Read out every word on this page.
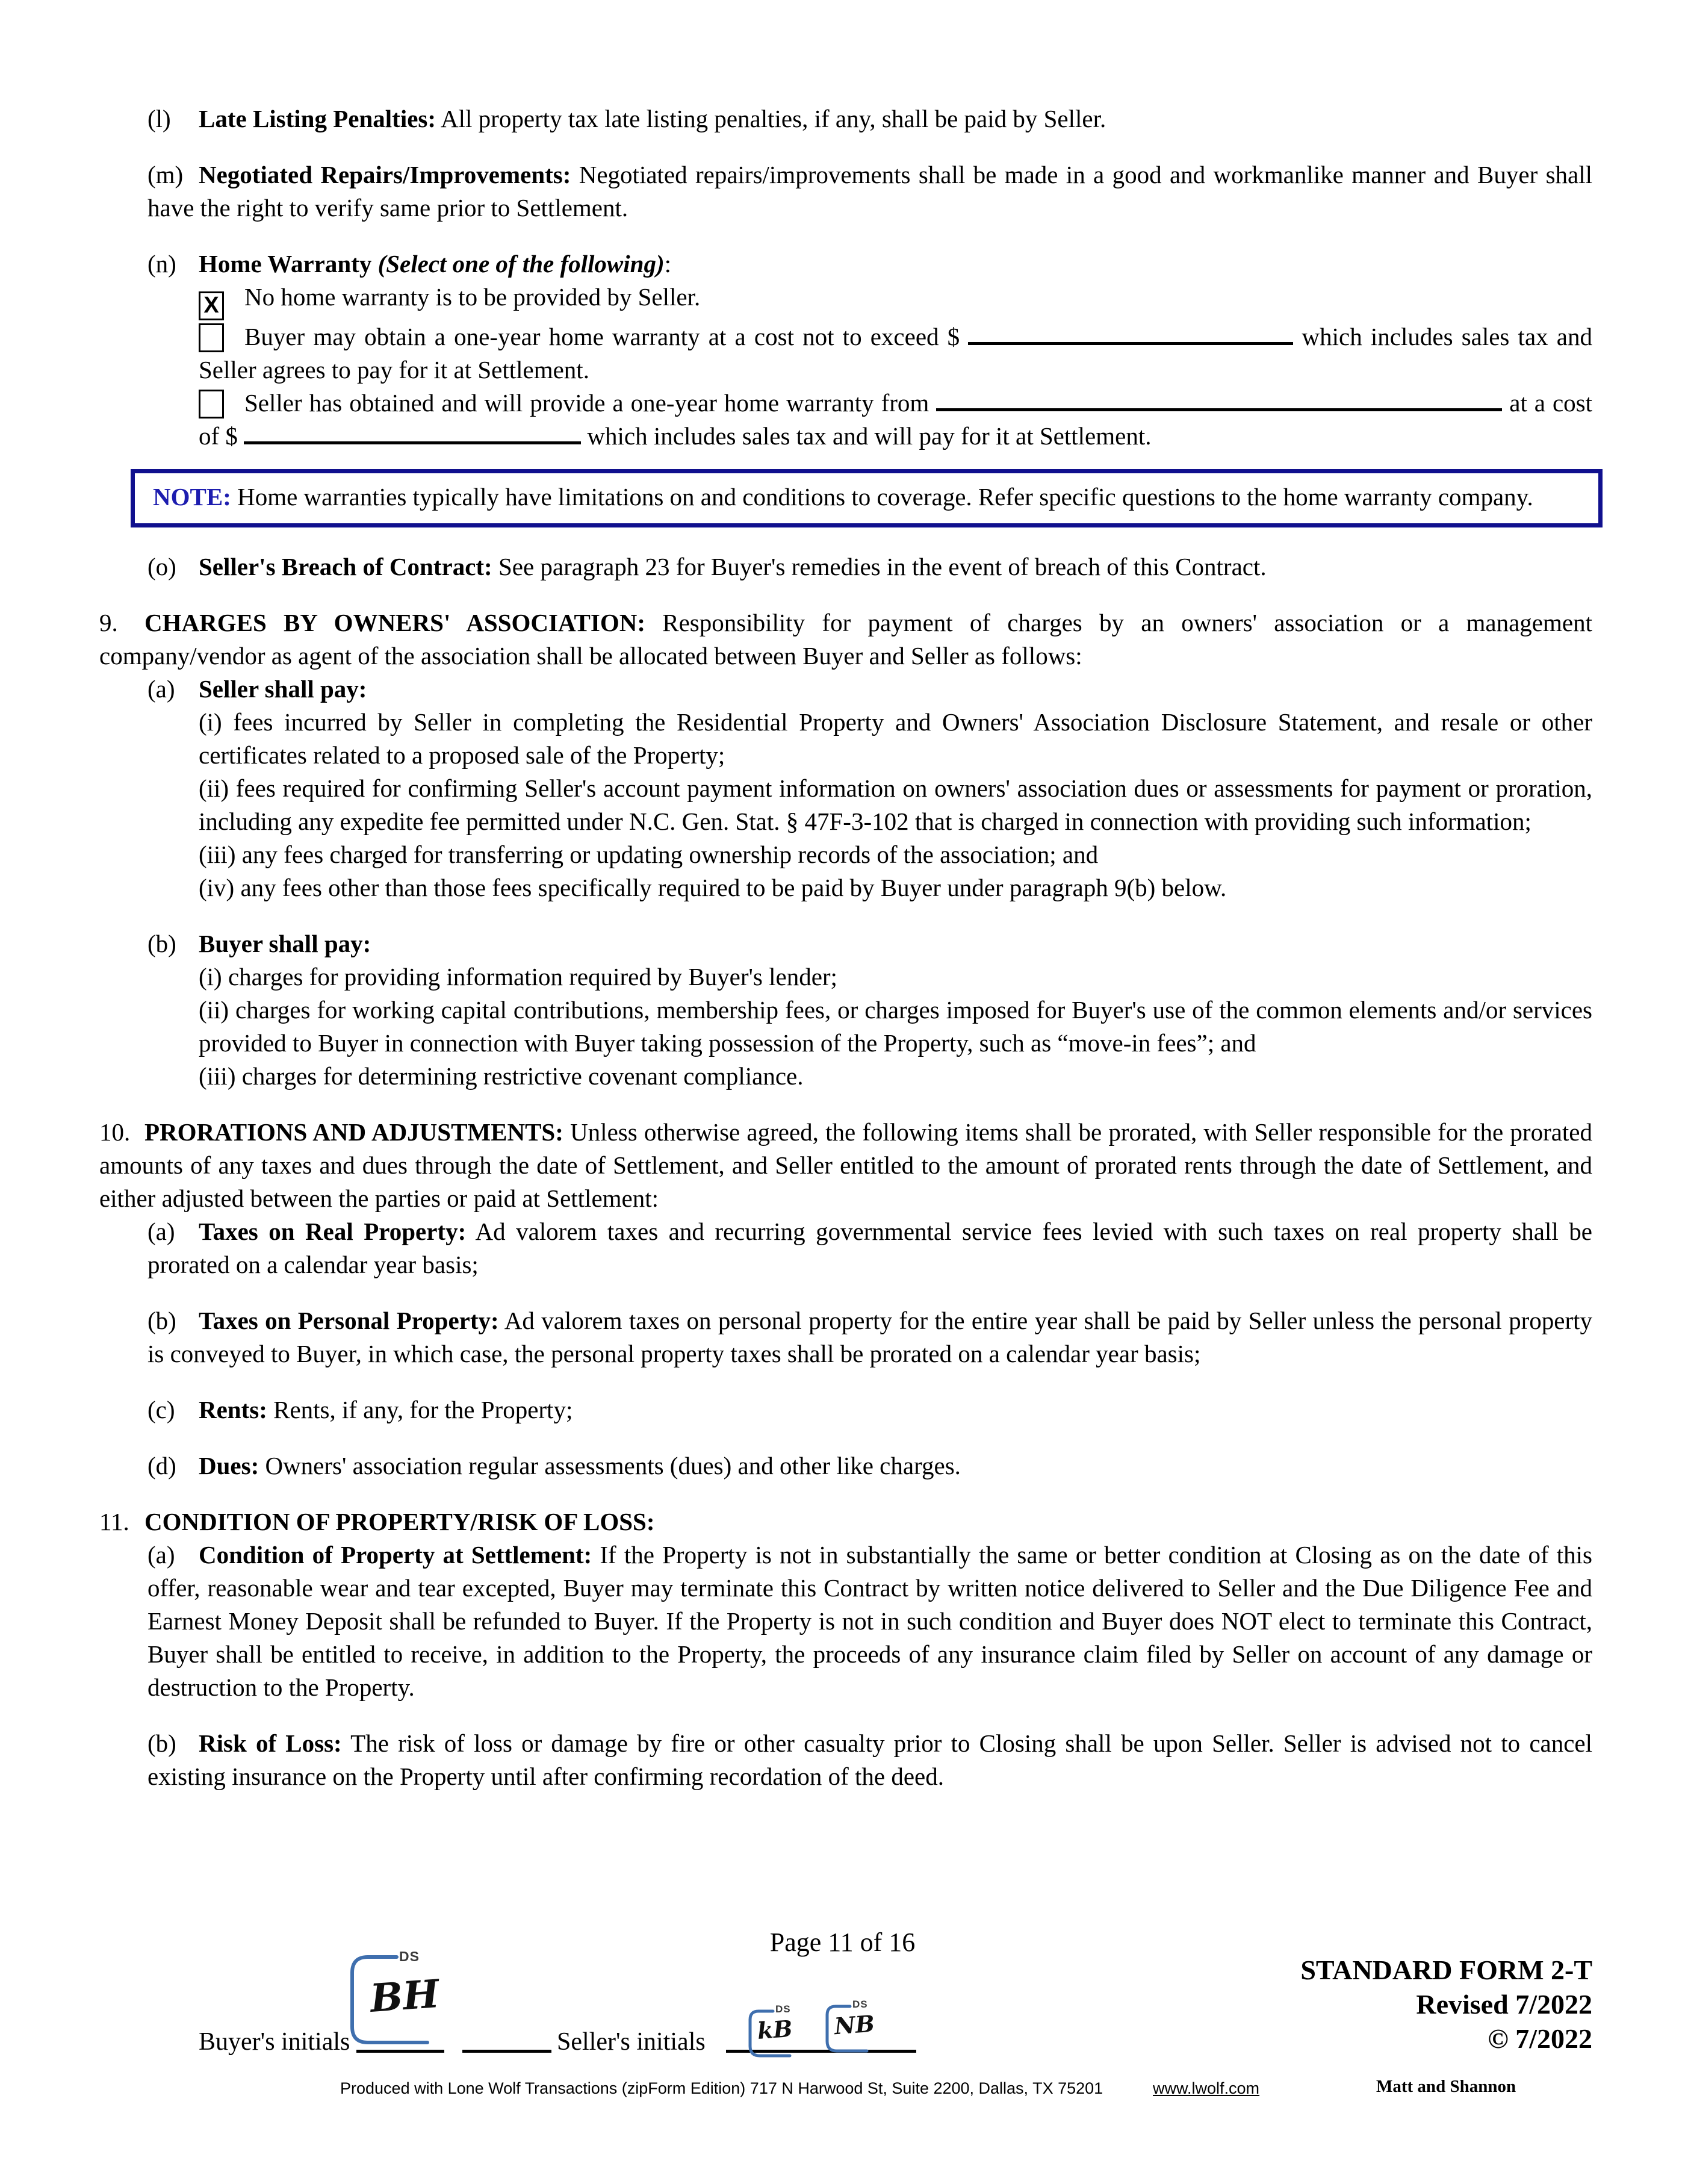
(l) Late Listing Penalties: All property tax late listing penalties, if any, shall be paid by Seller.
(m) Negotiated Repairs/Improvements: Negotiated repairs/improvements shall be made in a good and workmanlike manner and Buyer shall have the right to verify same prior to Settlement.
(n) Home Warranty (Select one of the following):
X No home warranty is to be provided by Seller.
Buyer may obtain a one-year home warranty at a cost not to exceed $	which includes sales tax and Seller agrees to pay for it at Settlement.
Seller has obtained and will provide a one-year home warranty from	at a cost of $	which includes sales tax and will pay for it at Settlement.
NOTE: Home warranties typically have limitations on and conditions to coverage. Refer specific questions to the home warranty company.
(o) Seller's Breach of Contract: See paragraph 23 for Buyer's remedies in the event of breach of this Contract.
9. CHARGES BY OWNERS' ASSOCIATION: Responsibility for payment of charges by an owners' association or a management company/vendor as agent of the association shall be allocated between Buyer and Seller as follows:
(a) Seller shall pay:
(i) fees incurred by Seller in completing the Residential Property and Owners' Association Disclosure Statement, and resale or other certificates related to a proposed sale of the Property;
(ii) fees required for confirming Seller's account payment information on owners' association dues or assessments for payment or proration, including any expedite fee permitted under N.C. Gen. Stat. § 47F-3-102 that is charged in connection with providing such information;
(iii) any fees charged for transferring or updating ownership records of the association; and
(iv) any fees other than those fees specifically required to be paid by Buyer under paragraph 9(b) below.
(b) Buyer shall pay:
(i) charges for providing information required by Buyer's lender;
(ii) charges for working capital contributions, membership fees, or charges imposed for Buyer's use of the common elements and/or services provided to Buyer in connection with Buyer taking possession of the Property, such as “move-in fees”; and
(iii) charges for determining restrictive covenant compliance.
10. PRORATIONS AND ADJUSTMENTS: Unless otherwise agreed, the following items shall be prorated, with Seller responsible for the prorated amounts of any taxes and dues through the date of Settlement, and Seller entitled to the amount of prorated rents through the date of Settlement, and either adjusted between the parties or paid at Settlement:
(a) Taxes on Real Property: Ad valorem taxes and recurring governmental service fees levied with such taxes on real property shall be prorated on a calendar year basis;
(b) Taxes on Personal Property: Ad valorem taxes on personal property for the entire year shall be paid by Seller unless the personal property is conveyed to Buyer, in which case, the personal property taxes shall be prorated on a calendar year basis;
(c) Rents: Rents, if any, for the Property;
(d) Dues: Owners' association regular assessments (dues) and other like charges.
11. CONDITION OF PROPERTY/RISK OF LOSS:
(a) Condition of Property at Settlement: If the Property is not in substantially the same or better condition at Closing as on the date of this offer, reasonable wear and tear excepted, Buyer may terminate this Contract by written notice delivered to Seller and the Due Diligence Fee and Earnest Money Deposit shall be refunded to Buyer. If the Property is not in such condition and Buyer does NOT elect to terminate this Contract, Buyer shall be entitled to receive, in addition to the Property, the proceeds of any insurance claim filed by Seller on account of any damage or destruction to the Property.
(b) Risk of Loss: The risk of loss or damage by fire or other casualty prior to Closing shall be upon Seller. Seller is advised not to cancel existing insurance on the Property until after confirming recordation of the deed.
Page 11 of 16
Buyer's initials
DS
BH
Seller's initials
DS
kB
DS
NB
STANDARD FORM 2-T
Revised 7/2022
© 7/2022
Produced with Lone Wolf Transactions (zipForm Edition) 717 N Harwood St, Suite 2200, Dallas, TX 75201	www.lwolf.com	Matt and Shannon
